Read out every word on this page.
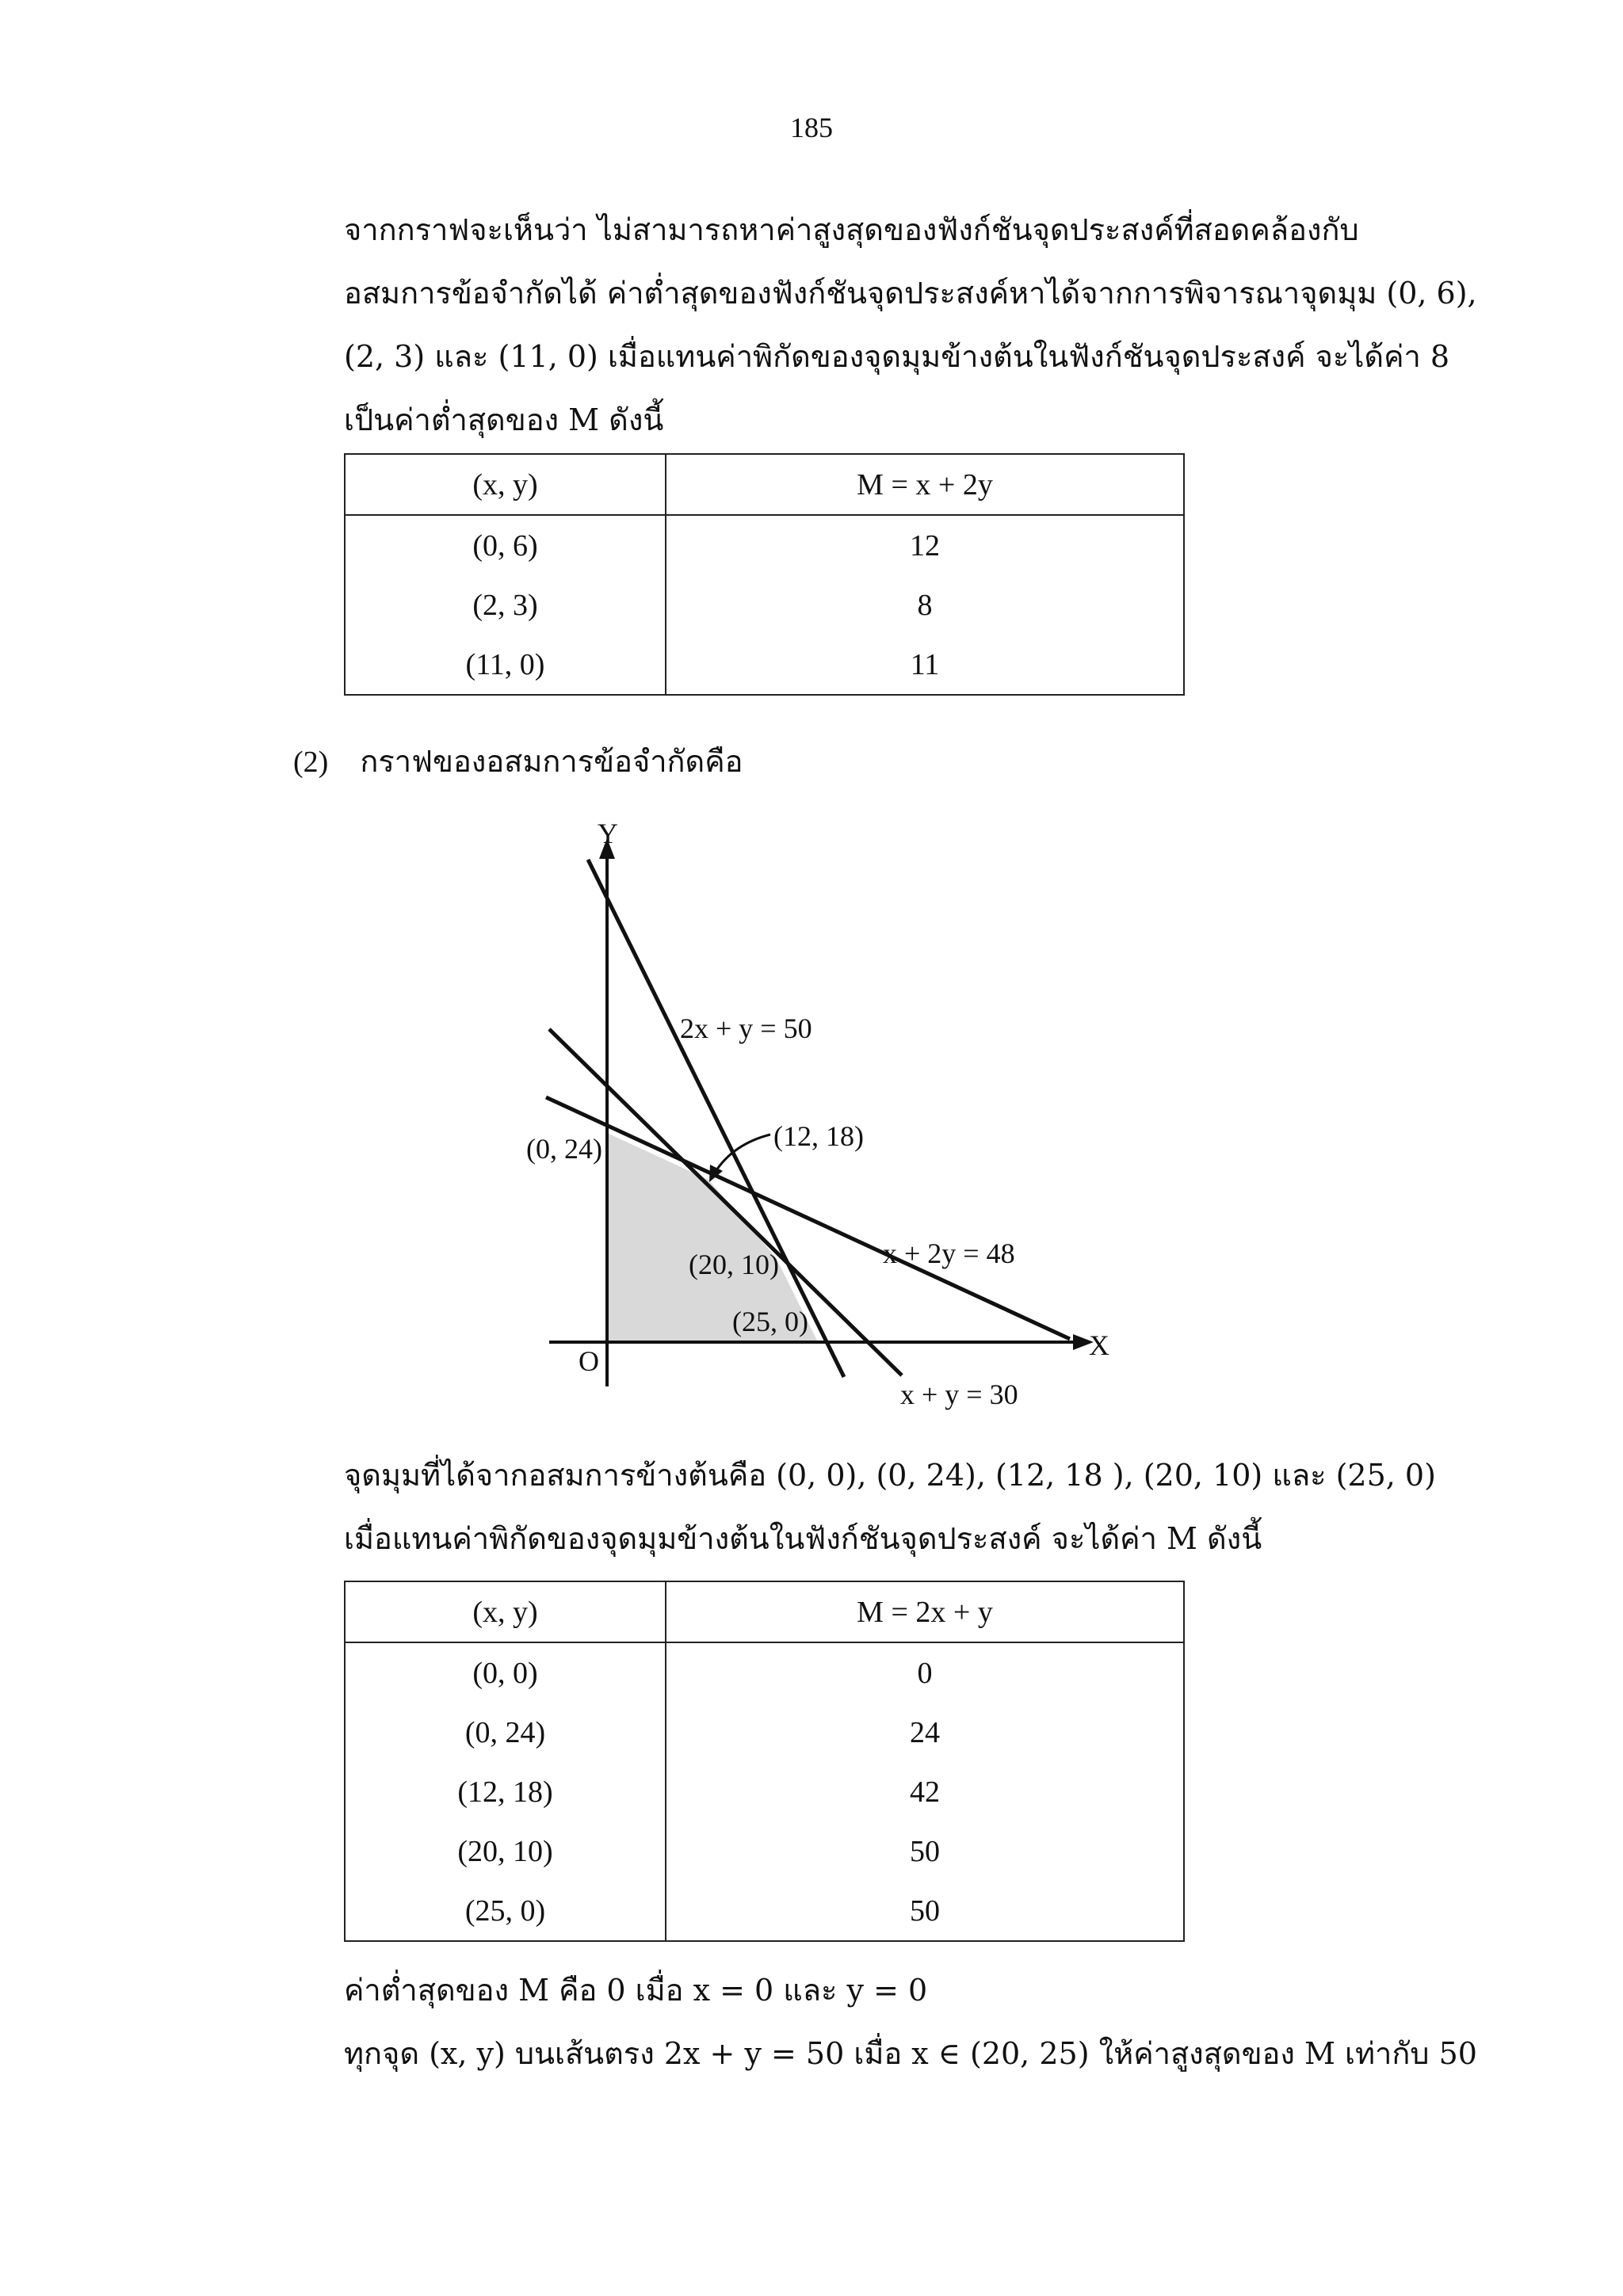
185
จากกราฟจะเห็นว่า ไม่สามารถหาค่าสูงสุดของฟังก์ชันจุดประสงค์ที่สอดคล้องกับ
อสมการข้อจำกัดได้ ค่าต่ำสุดของฟังก์ชันจุดประสงค์หาได้จากการพิจารณาจุดมุม (0, 6),
(2, 3) และ (11, 0) เมื่อแทนค่าพิกัดของจุดมุมข้างต้นในฟังก์ชันจุดประสงค์ จะได้ค่า 8
เป็นค่าต่ำสุดของ M ดังนี้
(x, y)	M = x + 2y
(0, 6)	12
(2, 3)	8
(11, 0)	11
(2) กราฟของอสมการข้อจำกัดคือ
Y
X
O
2x + y = 50
x + 2y = 48
x + y = 30
(0, 24)	(12, 18)
(20, 10)
(25, 0)
จุดมุมที่ได้จากอสมการข้างต้นคือ (0, 0), (0, 24), (12, 18 ), (20, 10) และ (25, 0)
เมื่อแทนค่าพิกัดของจุดมุมข้างต้นในฟังก์ชันจุดประสงค์ จะได้ค่า M ดังนี้
(x, y)	M = 2x + y
(0, 0)	0
(0, 24)	24
(12, 18)	42
(20, 10)	50
(25, 0)	50
ค่าต่ำสุดของ M คือ 0 เมื่อ x = 0 และ y = 0
ทุกจุด (x, y) บนเส้นตรง 2x + y = 50 เมื่อ x ∈ (20, 25) ให้ค่าสูงสุดของ M เท่ากับ 50
